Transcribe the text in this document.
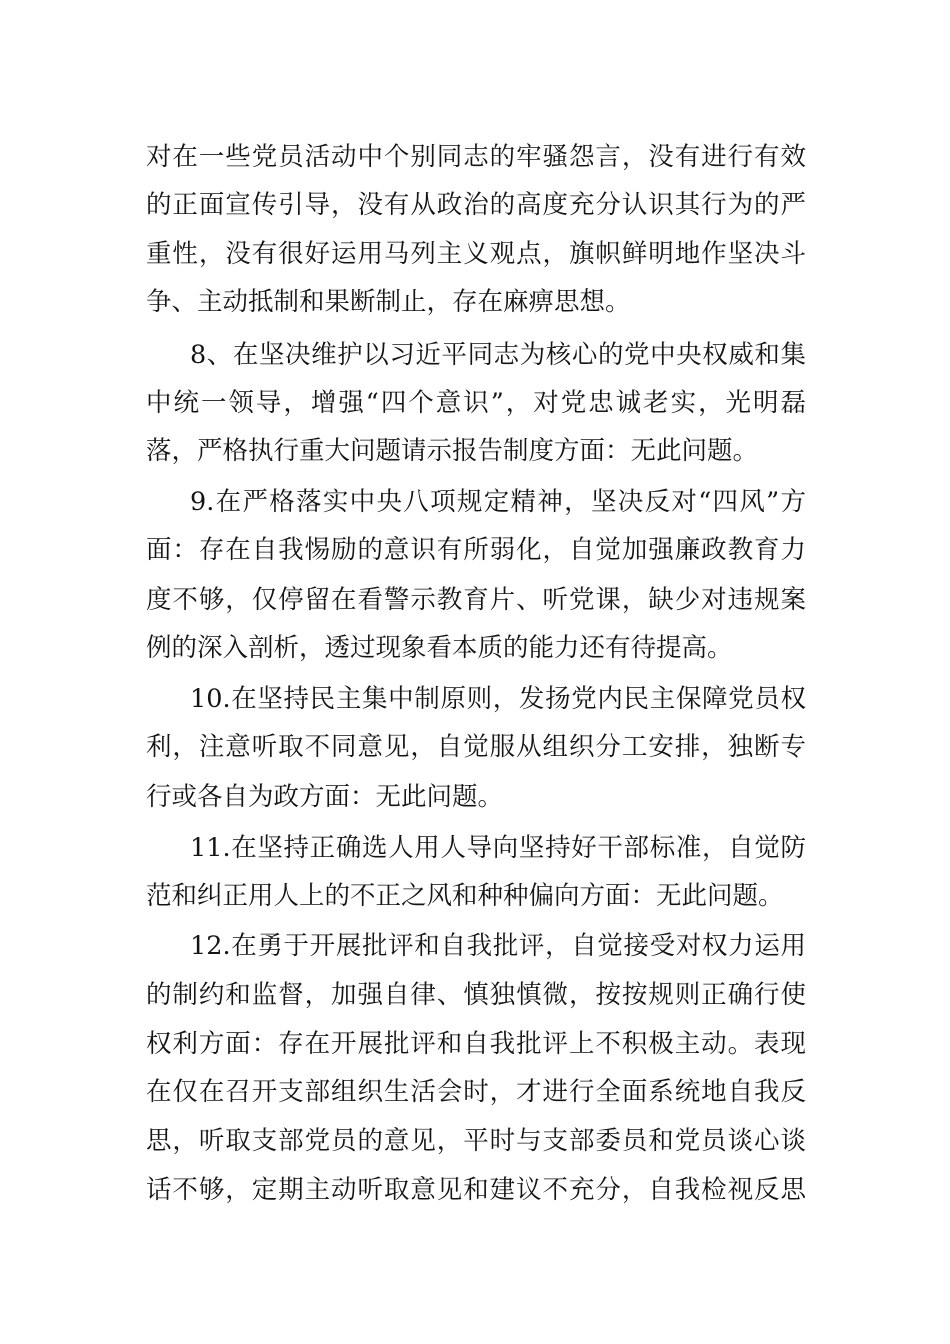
对在一些党员活动中个别同志的牢骚怨言，没有进行有效
的正面宣传引导，没有从政治的高度充分认识其行为的严
重性，没有很好运用马列主义观点，旗帜鲜明地作坚决斗
争、主动抵制和果断制止，存在麻痹思想。
8、在坚决维护以习近平同志为核心的党中央权威和集
中统一领导，增强“四个意识”，对党忠诚老实，光明磊
落，严格执行重大问题请示报告制度方面：无此问题。
9.在严格落实中央八项规定精神，坚决反对“四风”方
面：存在自我惕励的意识有所弱化，自觉加强廉政教育力
度不够，仅停留在看警示教育片、听党课，缺少对违规案
例的深入剖析，透过现象看本质的能力还有待提高。
10.在坚持民主集中制原则，发扬党内民主保障党员权
利，注意听取不同意见，自觉服从组织分工安排，独断专
行或各自为政方面：无此问题。
11.在坚持正确选人用人导向坚持好干部标准，自觉防
范和纠正用人上的不正之风和种种偏向方面：无此问题。
12.在勇于开展批评和自我批评，自觉接受对权力运用
的制约和监督，加强自律、慎独慎微，按按规则正确行使
权利方面：存在开展批评和自我批评上不积极主动。表现
在仅在召开支部组织生活会时，才进行全面系统地自我反
思，听取支部党员的意见，平时与支部委员和党员谈心谈
话不够，定期主动听取意见和建议不充分，自我检视反思
